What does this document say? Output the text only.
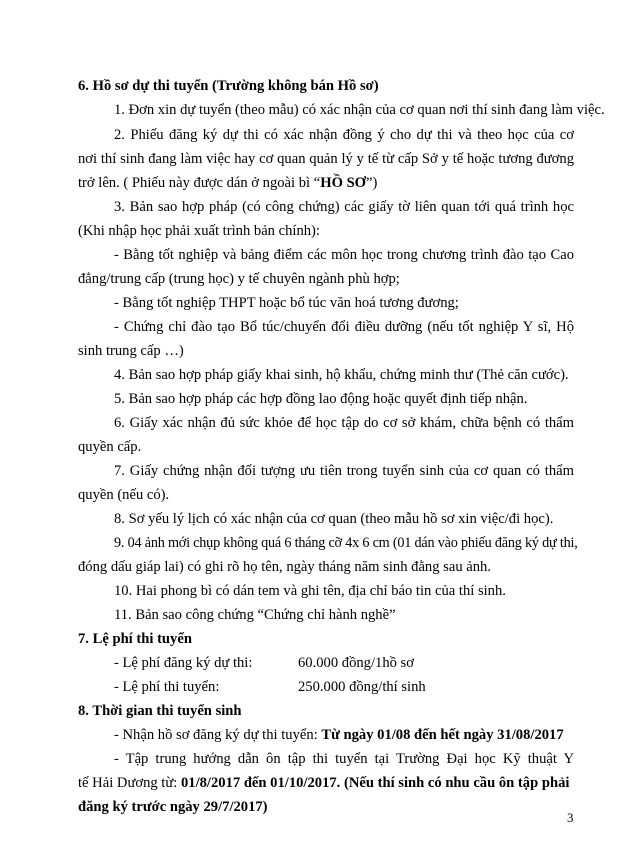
6. Hồ sơ dự thi tuyển (Trường không bán Hồ sơ)
1. Đơn xin dự tuyển (theo mẫu) có xác nhận của cơ quan nơi thí sinh đang làm việc.
2. Phiếu đăng ký dự thi có xác nhận đồng ý cho dự thi và theo học của cơ
nơi thí sinh đang làm việc hay cơ quan quản lý y tế từ cấp Sở y tế hoặc tương đương
trở lên. ( Phiếu này được dán ở ngoài bì “HỒ SƠ”)
3. Bản sao hợp pháp (có công chứng) các giấy tờ liên quan tới quá trình học
(Khi nhập học phải xuất trình bản chính):
- Bằng tốt nghiệp và bảng điểm các môn học trong chương trình đào tạo Cao
đẳng/trung cấp (trung học) y tế chuyên ngành phù hợp;
- Bằng tốt nghiệp THPT hoặc bổ túc văn hoá tương đương;
- Chứng chỉ đào tạo Bổ túc/chuyển đổi điều dưỡng (nếu tốt nghiệp Y sĩ, Hộ
sinh trung cấp …)
4. Bản sao hợp pháp giấy khai sinh, hộ khẩu, chứng minh thư (Thẻ căn cước).
5. Bản sao hợp pháp các hợp đồng lao động hoặc quyết định tiếp nhận.
6. Giấy xác nhận đủ sức khỏe để học tập do cơ sở khám, chữa bệnh có thẩm
quyền cấp.
7. Giấy chứng nhận đối tượng ưu tiên trong tuyển sinh của cơ quan có thẩm
quyền (nếu có).
8. Sơ yếu lý lịch có xác nhận của cơ quan (theo mẫu hồ sơ xin việc/đi học).
9. 04 ảnh mới chụp không quá 6 tháng cỡ 4x 6 cm (01 dán vào phiếu đăng ký dự thi,
đóng dấu giáp lai) có ghi rõ họ tên, ngày tháng năm sinh đằng sau ảnh.
10. Hai phong bì có dán tem và ghi tên, địa chỉ báo tin của thí sinh.
11. Bản sao công chứng “Chứng chỉ hành nghề”
7. Lệ phí thi tuyển
- Lệ phí đăng ký dự thi:	60.000 đồng/1hồ sơ
- Lệ phí thi tuyển:	250.000 đồng/thí sinh
8. Thời gian thi tuyển sinh
- Nhận hồ sơ đăng ký dự thi tuyển: Từ ngày 01/08 đến hết ngày 31/08/2017
- Tập trung hướng dẫn ôn tập thi tuyển tại Trường Đại học Kỹ thuật Y
tế Hải Dương từ: 01/8/2017 đến 01/10/2017. (Nếu thí sinh có nhu cầu ôn tập phải
đăng ký trước ngày 29/7/2017)
3
